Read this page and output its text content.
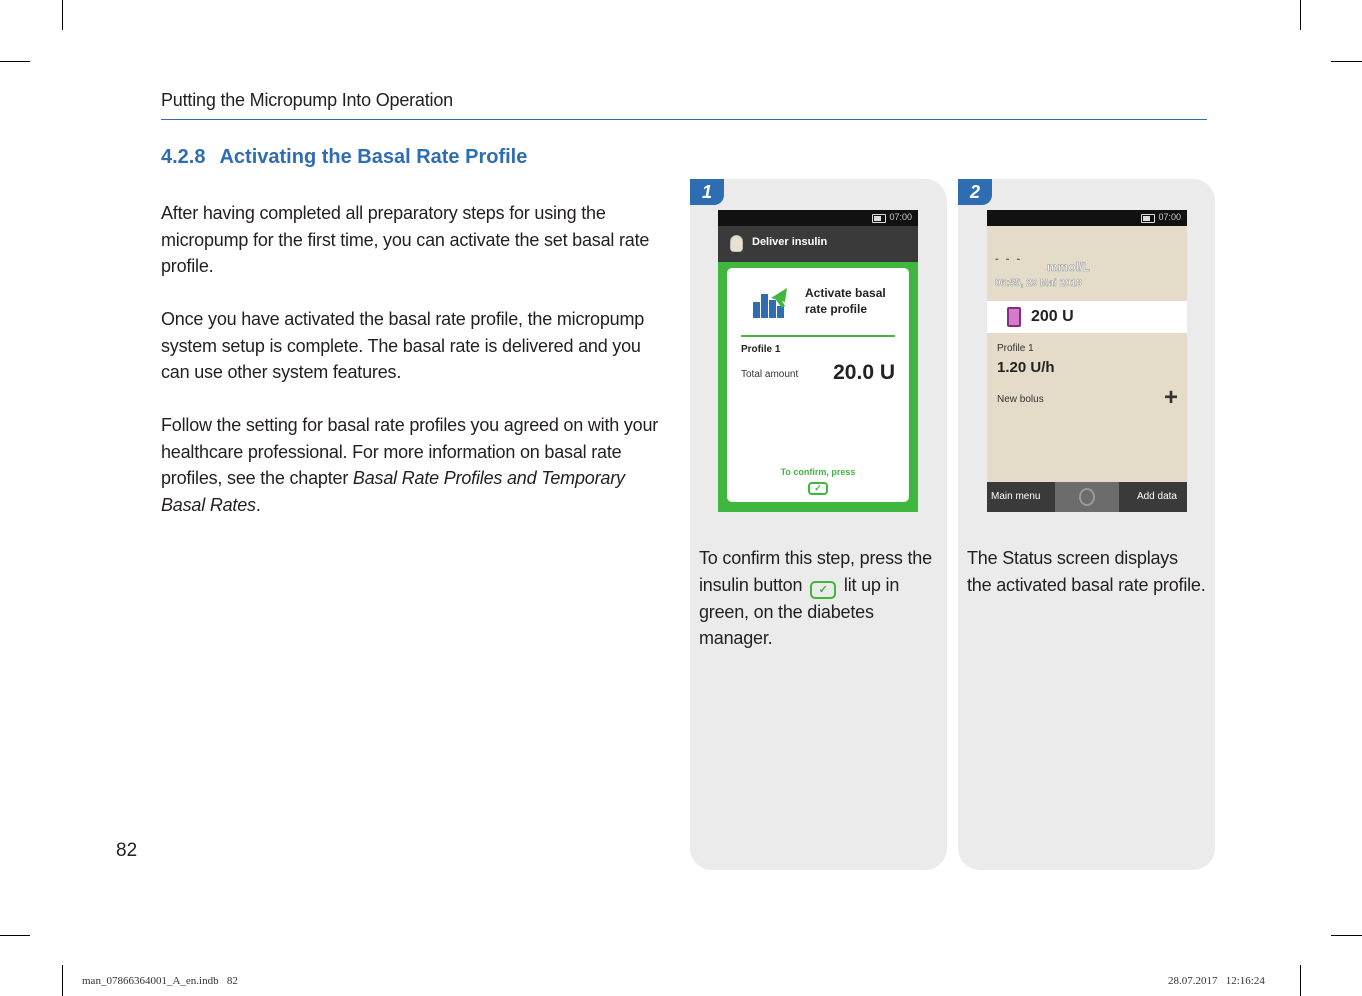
Putting the Micropump Into Operation
4.2.8 Activating the Basal Rate Profile

After having completed all preparatory steps for using the micropump for the first time, you can activate the set basal rate profile.

Once you have activated the basal rate profile, the micropump system setup is complete. The basal rate is delivered and you can use other system features.

Follow the setting for basal rate profiles you agreed on with your healthcare professional. For more information on basal rate profiles, see the chapter Basal Rate Profiles and Temporary Basal Rates.

1
07:00
Deliver insulin
Activate basal rate profile
Profile 1
Total amount 20.0 U
To confirm, press
✓
To confirm this step, press the insulin button ✓ lit up in green, on the diabetes manager.
2
07:00
- - -
mmol/L
06:55, 29 Mai 2018
200 U
Profile 1
1.20 U/h
New bolus	+
Main menu	Add data
The Status screen displays the activated basal rate profile.
82
man_07866364001_A_en.indb   82	28.07.2017   12:16:24
